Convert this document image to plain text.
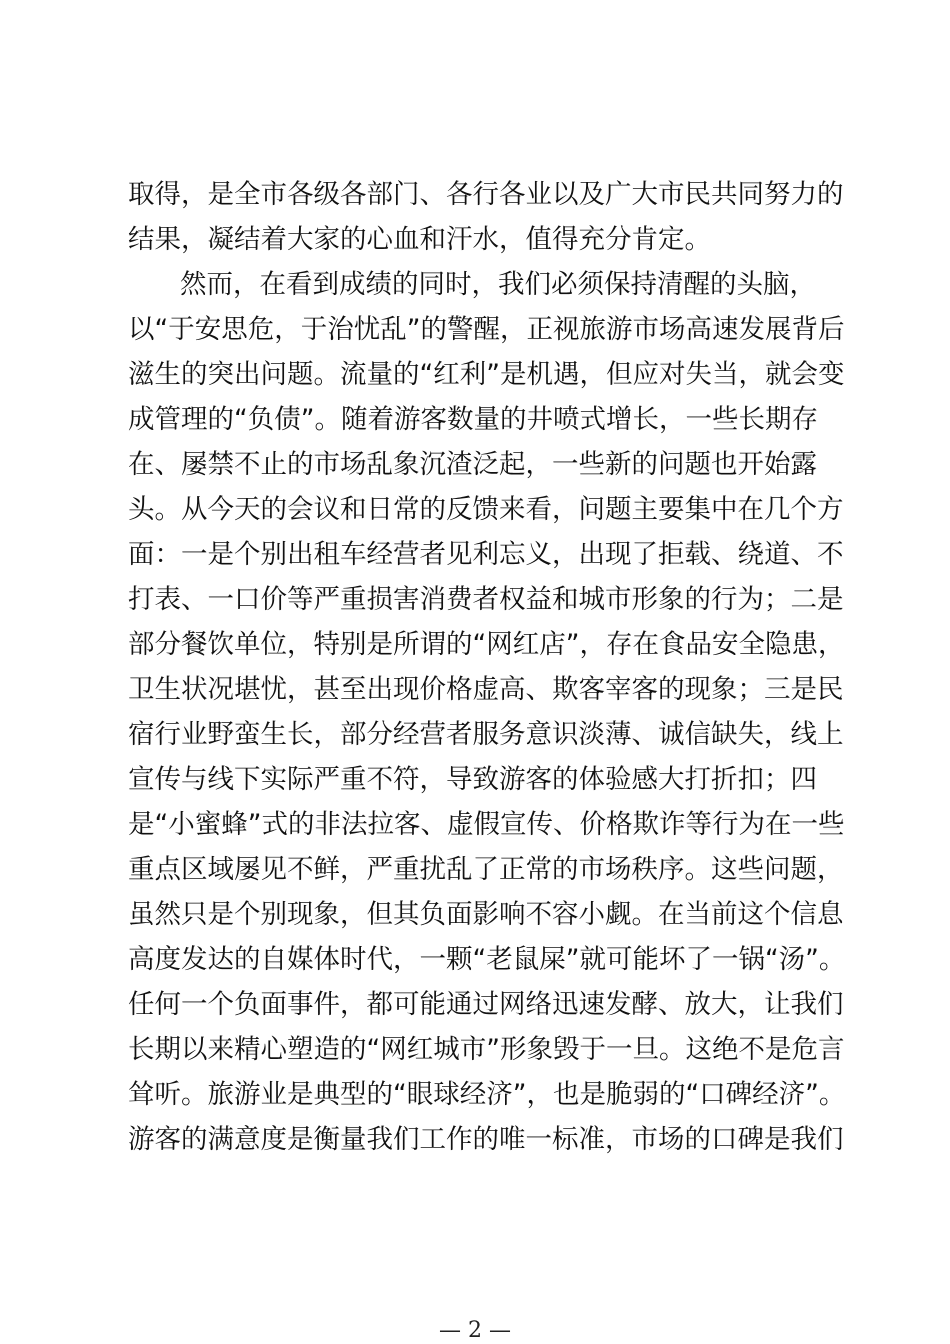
取得，是全市各级各部门、各行各业以及广大市民共同努力的
结果，凝结着大家的心血和汗水，值得充分肯定。
然而，在看到成绩的同时，我们必须保持清醒的头脑，
以“于安思危，于治忧乱”的警醒，正视旅游市场高速发展背后
滋生的突出问题。流量的“红利”是机遇，但应对失当，就会变
成管理的“负债”。随着游客数量的井喷式增长，一些长期存
在、屡禁不止的市场乱象沉渣泛起，一些新的问题也开始露
头。从今天的会议和日常的反馈来看，问题主要集中在几个方
面：一是个别出租车经营者见利忘义，出现了拒载、绕道、不
打表、一口价等严重损害消费者权益和城市形象的行为；二是
部分餐饮单位，特别是所谓的“网红店”，存在食品安全隐患，
卫生状况堪忧，甚至出现价格虚高、欺客宰客的现象；三是民
宿行业野蛮生长，部分经营者服务意识淡薄、诚信缺失，线上
宣传与线下实际严重不符，导致游客的体验感大打折扣；四
是“小蜜蜂”式的非法拉客、虚假宣传、价格欺诈等行为在一些
重点区域屡见不鲜，严重扰乱了正常的市场秩序。这些问题，
虽然只是个别现象，但其负面影响不容小觑。在当前这个信息
高度发达的自媒体时代，一颗“老鼠屎”就可能坏了一锅“汤”。
任何一个负面事件，都可能通过网络迅速发酵、放大，让我们
长期以来精心塑造的“网红城市”形象毁于一旦。这绝不是危言
耸听。旅游业是典型的“眼球经济”，也是脆弱的“口碑经济”。
游客的满意度是衡量我们工作的唯一标准，市场的口碑是我们
— 2 —
